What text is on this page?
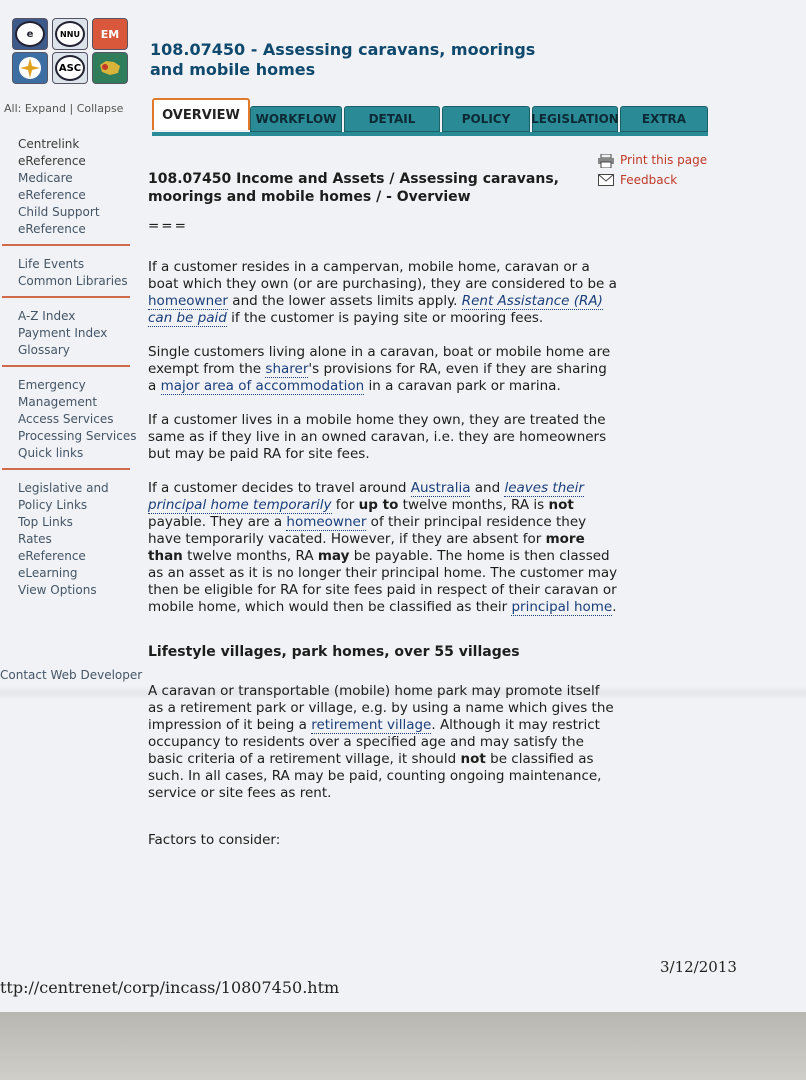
e	NNU	EM
ASC
108.07450 - Assessing caravans, moorings
and mobile homes
All: Expand | Collapse	OVERVIEW WORKFLOW	DETAIL	POLICY LEGISLATION EXTRA
Centrelink
eReference
Medicare
eReference
Child Support
eReference
Life Events
Common Libraries
A-Z Index
Payment Index
Glossary
Emergency
Management
Access Services
Processing Services
Quick links
Legislative and
Policy Links
Top Links
Rates
eReference
eLearning
View Options
Contact Web Developer
Print this page
Feedback
108.07450 Income and Assets / Assessing caravans, moorings and mobile homes / - Overview
===

If a customer resides in a campervan, mobile home, caravan or a boat which they own (or are purchasing), they are considered to be a homeowner and the lower assets limits apply. Rent Assistance (RA) can be paid if the customer is paying site or mooring fees.

Single customers living alone in a caravan, boat or mobile home are exempt from the sharer's provisions for RA, even if they are sharing a major area of accommodation in a caravan park or marina.

If a customer lives in a mobile home they own, they are treated the same as if they live in an owned caravan, i.e. they are homeowners but may be paid RA for site fees.

If a customer decides to travel around Australia and leaves their principal home temporarily for up to twelve months, RA is not payable. They are a homeowner of their principal residence they have temporarily vacated. However, if they are absent for more than twelve months, RA may be payable. The home is then classed as an asset as it is no longer their principal home. The customer may then be eligible for RA for site fees paid in respect of their caravan or mobile home, which would then be classified as their principal home.

Lifestyle villages, park homes, over 55 villages

A caravan or transportable (mobile) home park may promote itself as a retirement park or village, e.g. by using a name which gives the impression of it being a retirement village. Although it may restrict occupancy to residents over a specified age and may satisfy the basic criteria of a retirement village, it should not be classified as such. In all cases, RA may be paid, counting ongoing maintenance, service or site fees as rent.

Factors to consider:

3/12/2013
ttp://centrenet/corp/incass/10807450.htm
